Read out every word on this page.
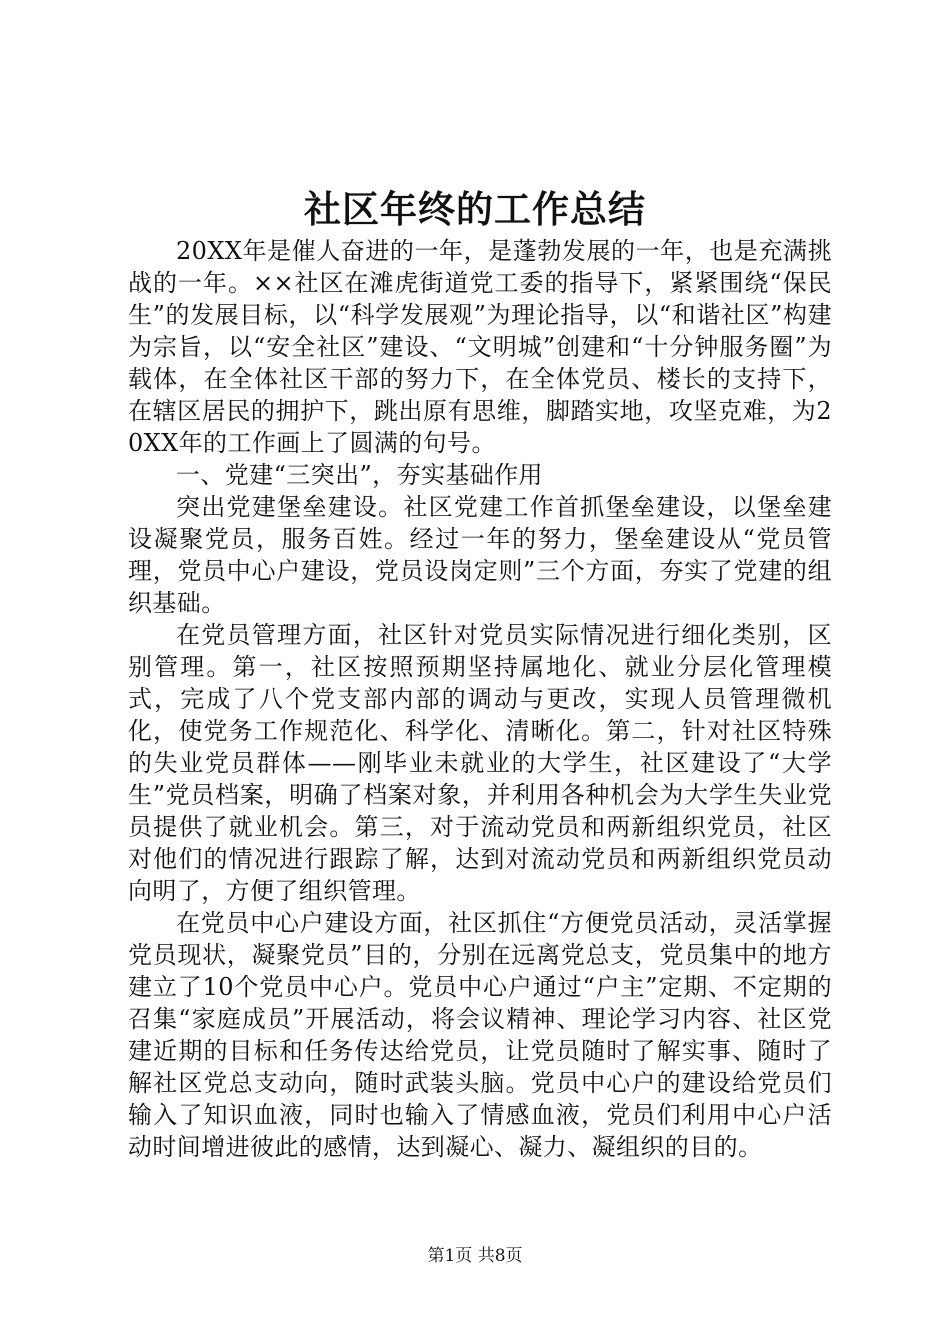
社区年终的工作总结

20XX年是催人奋进的一年，是蓬勃发展的一年，也是充满挑战的一年。××社区在滩虎街道党工委的指导下，紧紧围绕“保民生”的发展目标，以“科学发展观”为理论指导，以“和谐社区”构建为宗旨，以“安全社区”建设、“文明城”创建和“十分钟服务圈”为载体，在全体社区干部的努力下，在全体党员、楼长的支持下，在辖区居民的拥护下，跳出原有思维，脚踏实地，攻坚克难，为20XX年的工作画上了圆满的句号。

一、党建“三突出”，夯实基础作用

突出党建堡垒建设。社区党建工作首抓堡垒建设，以堡垒建设凝聚党员，服务百姓。经过一年的努力，堡垒建设从“党员管理，党员中心户建设，党员设岗定则”三个方面，夯实了党建的组织基础。

在党员管理方面，社区针对党员实际情况进行细化类别，区别管理。第一，社区按照预期坚持属地化、就业分层化管理模式，完成了八个党支部内部的调动与更改，实现人员管理微机化，使党务工作规范化、科学化、清晰化。第二，针对社区特殊的失业党员群体——刚毕业未就业的大学生，社区建设了“大学生”党员档案，明确了档案对象，并利用各种机会为大学生失业党员提供了就业机会。第三，对于流动党员和两新组织党员，社区对他们的情况进行跟踪了解，达到对流动党员和两新组织党员动向明了，方便了组织管理。

在党员中心户建设方面，社区抓住“方便党员活动，灵活掌握党员现状，凝聚党员”目的，分别在远离党总支，党员集中的地方建立了10个党员中心户。党员中心户通过“户主”定期、不定期的召集“家庭成员”开展活动，将会议精神、理论学习内容、社区党建近期的目标和任务传达给党员，让党员随时了解实事、随时了解社区党总支动向，随时武装头脑。党员中心户的建设给党员们输入了知识血液，同时也输入了情感血液，党员们利用中心户活动时间增进彼此的感情，达到凝心、凝力、凝组织的目的。

第1页 共8页
